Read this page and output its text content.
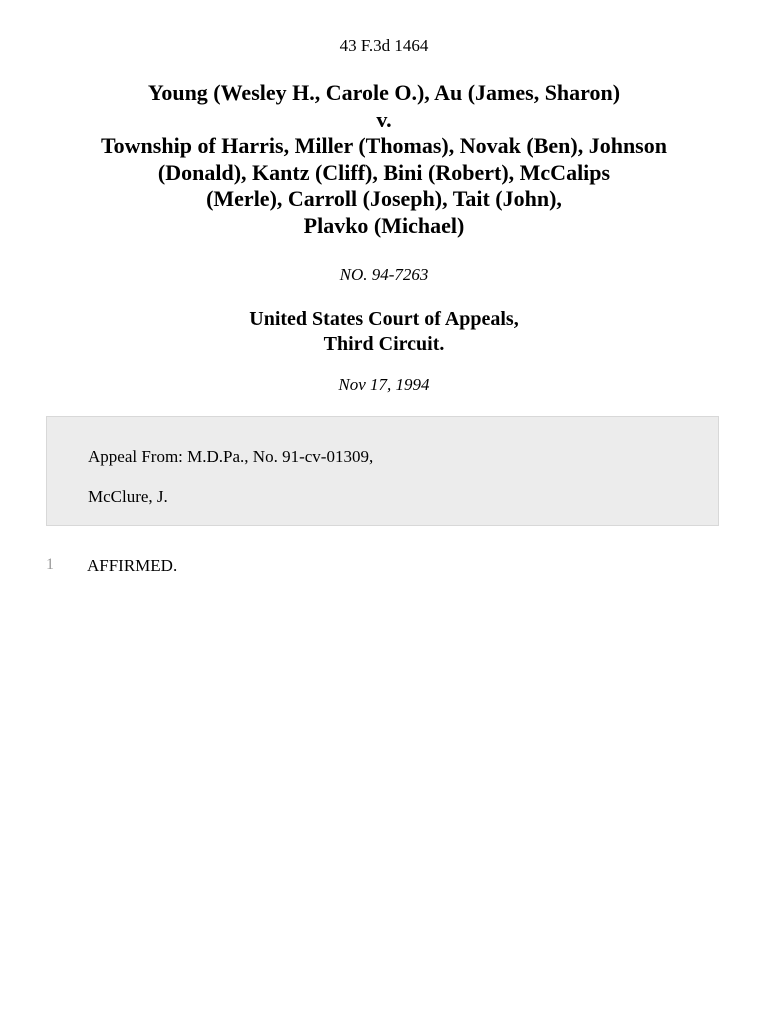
43 F.3d 1464
Young (Wesley H., Carole O.), Au (James, Sharon)
v.
Township of Harris, Miller (Thomas), Novak (Ben), Johnson
(Donald), Kantz (Cliff), Bini (Robert), McCalips
(Merle), Carroll (Joseph), Tait (John),
Plavko (Michael)
NO. 94-7263
United States Court of Appeals,
Third Circuit.
Nov 17, 1994
Appeal From: M.D.Pa., No. 91-cv-01309,
McClure, J.
1 AFFIRMED.
